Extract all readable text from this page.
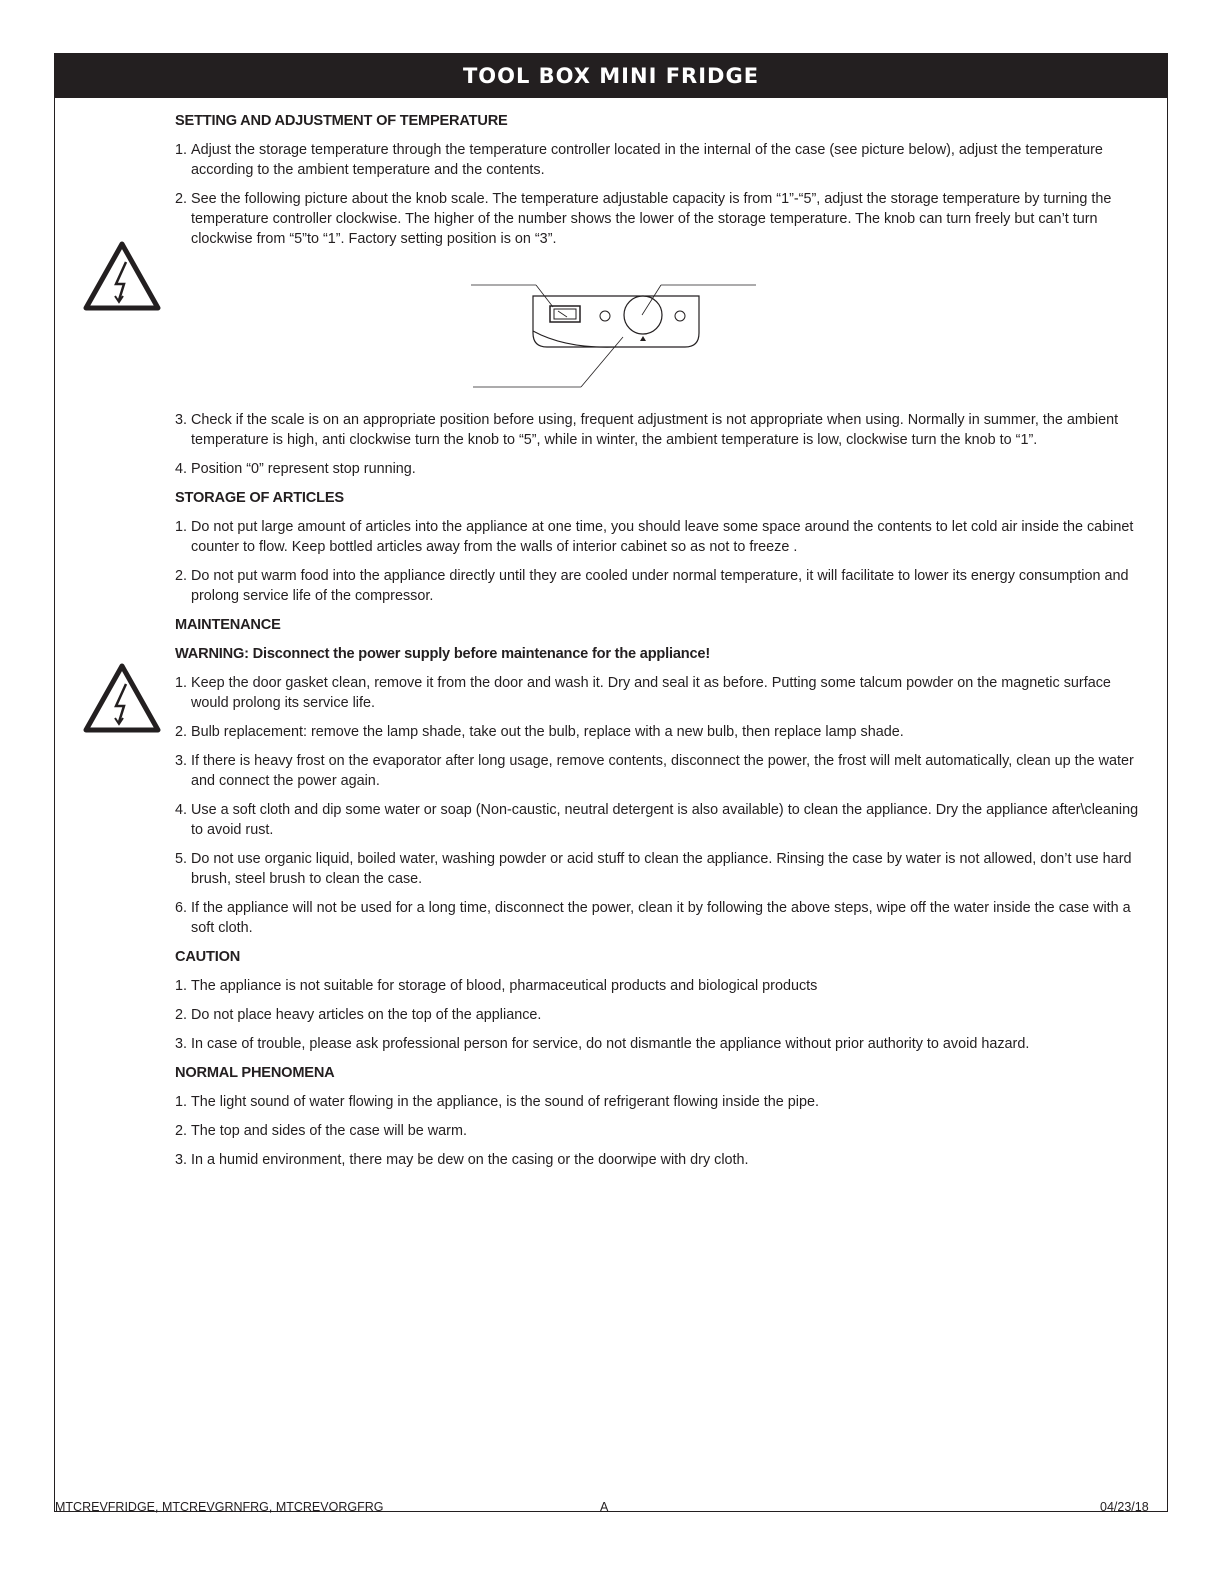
TOOL BOX MINI FRIDGE
SETTING AND ADJUSTMENT OF TEMPERATURE
1. Adjust the storage temperature through the temperature controller located in the internal of the case (see picture below), adjust the temperature according to the ambient temperature and the contents.
2. See the following picture about the knob scale. The temperature adjustable capacity is from “1”-“5”, adjust the storage temperature by turning the temperature controller clockwise. The higher of the number shows the lower of the storage temperature. The knob can turn freely but can’t turn clockwise from “5”to “1”. Factory setting position is on “3”.
3. Check if the scale is on an appropriate position before using, frequent adjustment is not appropriate when using. Normally in summer, the ambient temperature is high, anti clockwise turn the knob to “5”, while in winter, the ambient temperature is low, clockwise turn the knob to “1”.
4. Position “0” represent stop running.
STORAGE OF ARTICLES
1. Do not put large amount of articles into the appliance at one time, you should leave some space around the contents to let cold air inside the cabinet counter to flow. Keep bottled articles away from the walls of interior cabinet so as not to freeze .
2. Do not put warm food into the appliance directly until they are cooled under normal temperature, it will facilitate to lower its energy consumption and prolong service life of the compressor.
MAINTENANCE
WARNING: Disconnect the power supply before maintenance for the appliance!
1. Keep the door gasket clean, remove it from the door and wash it. Dry and seal it as before. Putting some talcum powder on the magnetic surface would prolong its service life.
2. Bulb replacement: remove the lamp shade, take out the bulb, replace with a new bulb, then replace lamp shade.
3. If there is heavy frost on the evaporator after long usage, remove contents, disconnect the power, the frost will melt automatically, clean up the water and connect the power again.
4. Use a soft cloth and dip some water or soap (Non-caustic, neutral detergent is also available) to clean the appliance. Dry the appliance after\cleaning to avoid rust.
5. Do not use organic liquid, boiled water, washing powder or acid stuff to clean the appliance. Rinsing the case by water is not allowed, don’t use hard brush, steel brush to clean the case.
6. If the appliance will not be used for a long time, disconnect the power, clean it by following the above steps, wipe off the water inside the case with a soft cloth.
CAUTION
1. The appliance is not suitable for storage of blood, pharmaceutical products and biological products
2. Do not place heavy articles on the top of the appliance.
3. In case of trouble, please ask professional person for service, do not dismantle the appliance without prior authority to avoid hazard.
NORMAL PHENOMENA
1. The light sound of water flowing in the appliance, is the sound of refrigerant flowing inside the pipe.
2. The top and sides of the case will be warm.
3. In a humid environment, there may be dew on the casing or the doorwipe with dry cloth.
MTCREVFRIDGE, MTCREVGRNFRG, MTCREVORGFRG	A	04/23/18
